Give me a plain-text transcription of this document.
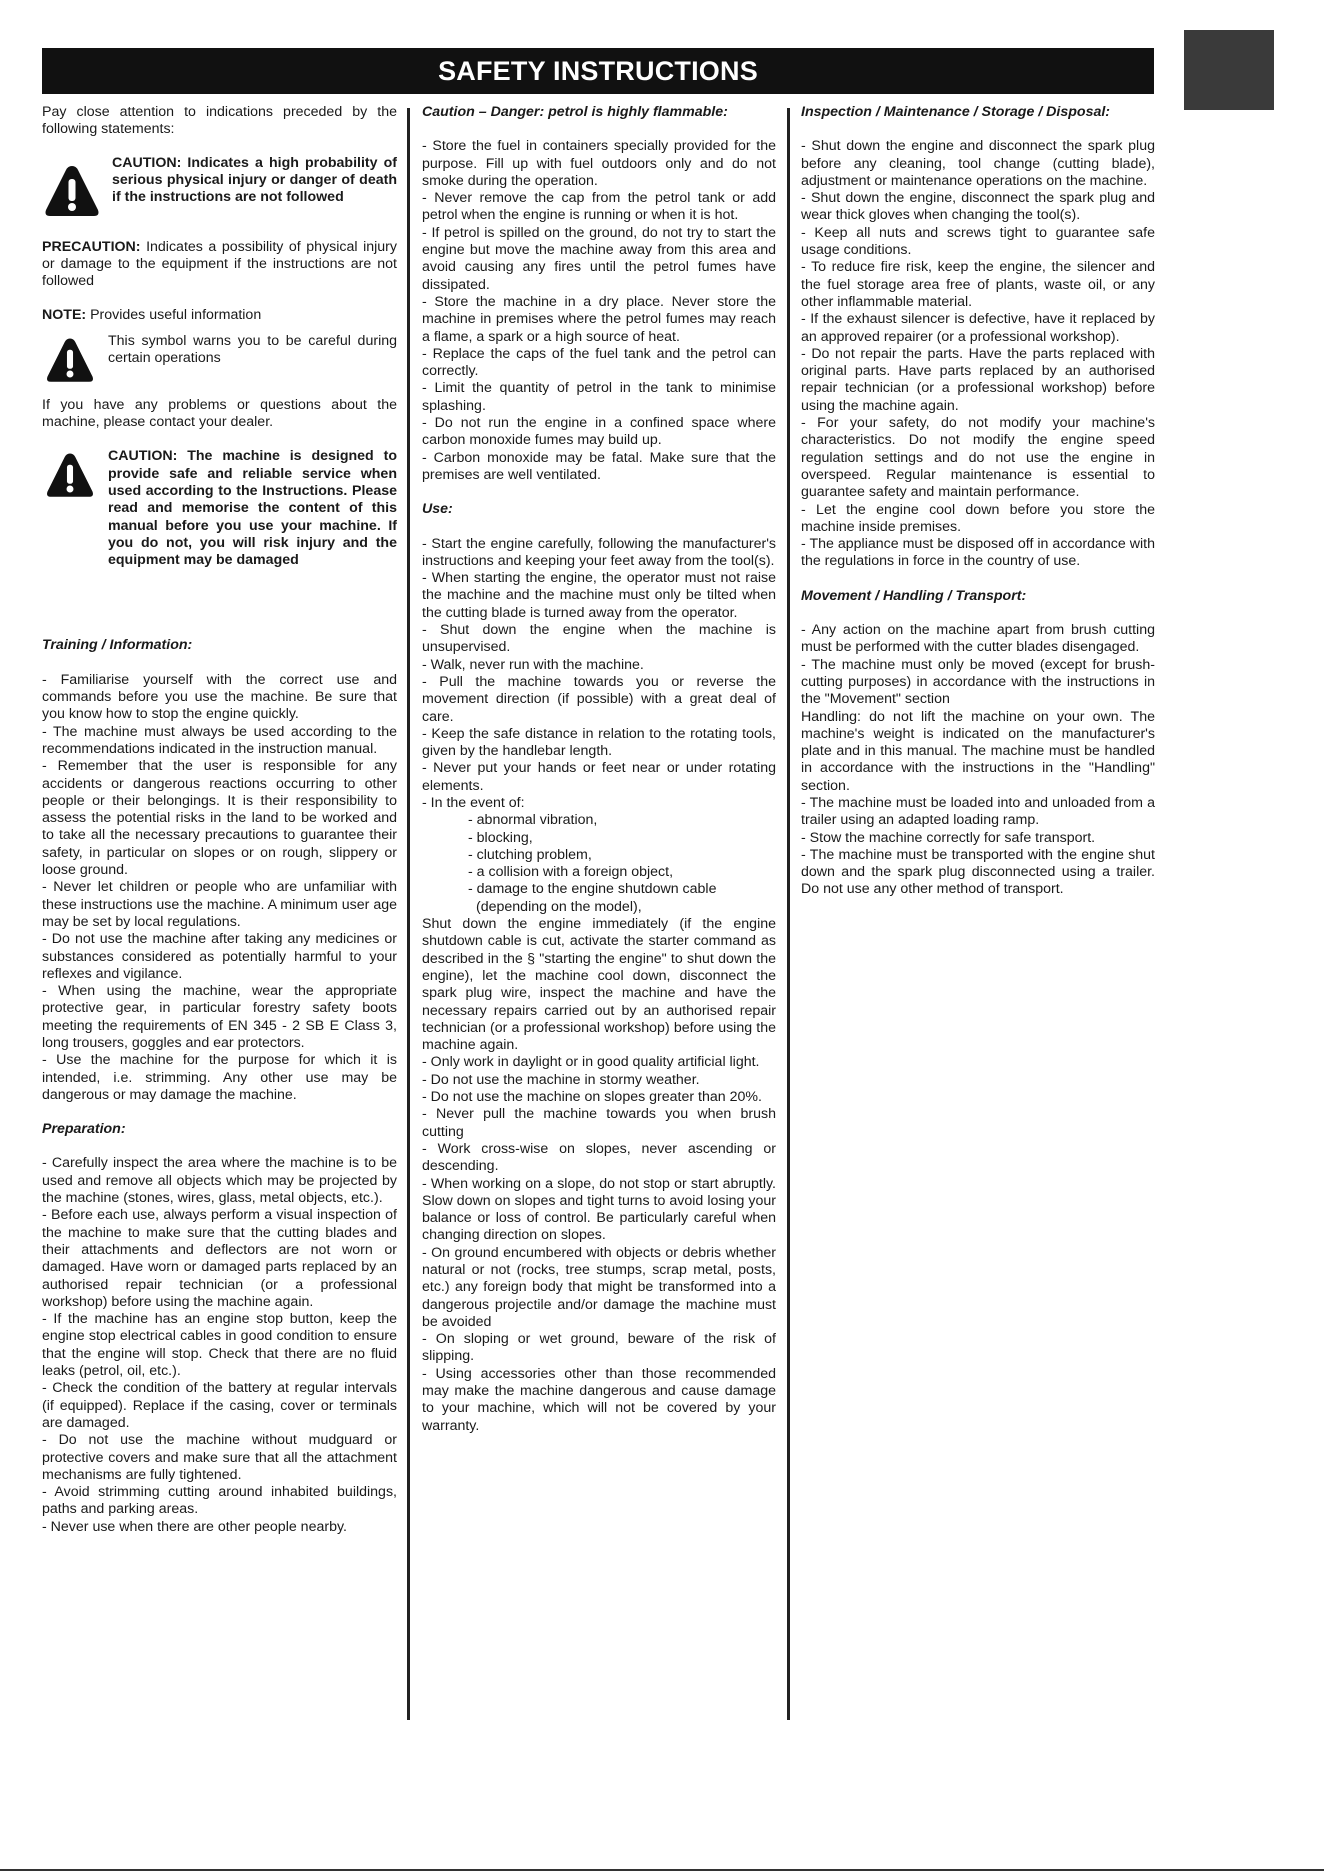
SAFETY INSTRUCTIONS

Pay close attention to indications preceded by the following statements:

CAUTION: Indicates a high probability of serious physical injury or danger of death if the instructions are not followed

PRECAUTION: Indicates a possibility of physical injury or damage to the equipment if the instructions are not followed

NOTE: Provides useful information

This symbol warns you to be careful during certain operations

If you have any problems or questions about the machine, please contact your dealer.

CAUTION: The machine is designed to provide safe and reliable service when used according to the Instructions. Please read and memorise the content of this manual before you use your machine. If you do not, you will risk injury and the equipment may be damaged

Training / Information:

- Familiarise yourself with the correct use and commands before you use the machine. Be sure that you know how to stop the engine quickly.

- The machine must always be used according to the recommendations indicated in the instruction manual.

- Remember that the user is responsible for any accidents or dangerous reactions occurring to other people or their belongings. It is their responsibility to assess the potential risks in the land to be worked and to take all the necessary precautions to guarantee their safety, in particular on slopes or on rough, slippery or loose ground.

- Never let children or people who are unfamiliar with these instructions use the machine. A minimum user age may be set by local regulations.

- Do not use the machine after taking any medicines or substances considered as potentially harmful to your reflexes and vigilance.

- When using the machine, wear the appropriate protective gear, in particular forestry safety boots meeting the requirements of EN 345 - 2 SB E Class 3, long trousers, goggles and ear protectors.

- Use the machine for the purpose for which it is intended, i.e. strimming. Any other use may be dangerous or may damage the machine.

Preparation:

- Carefully inspect the area where the machine is to be used and remove all objects which may be projected by the machine (stones, wires, glass, metal objects, etc.).

- Before each use, always perform a visual inspection of the machine to make sure that the cutting blades and their attachments and deflectors are not worn or damaged. Have worn or damaged parts replaced by an authorised repair technician (or a professional workshop) before using the machine again.

- If the machine has an engine stop button, keep the engine stop electrical cables in good condition to ensure that the engine will stop. Check that there are no fluid leaks (petrol, oil, etc.).

- Check the condition of the battery at regular intervals (if equipped). Replace if the casing, cover or terminals are damaged.

- Do not use the machine without mudguard or protective covers and make sure that all the attachment mechanisms are fully tightened.

- Avoid strimming cutting around inhabited buildings, paths and parking areas.

- Never use when there are other people nearby.

Caution – Danger: petrol is highly flammable:

- Store the fuel in containers specially provided for the purpose. Fill up with fuel outdoors only and do not smoke during the operation.

- Never remove the cap from the petrol tank or add petrol when the engine is running or when it is hot.

- If petrol is spilled on the ground, do not try to start the engine but move the machine away from this area and avoid causing any fires until the petrol fumes have dissipated.

- Store the machine in a dry place. Never store the machine in premises where the petrol fumes may reach a flame, a spark or a high source of heat.

- Replace the caps of the fuel tank and the petrol can correctly.

- Limit the quantity of petrol in the tank to minimise splashing.

- Do not run the engine in a confined space where carbon monoxide fumes may build up.

- Carbon monoxide may be fatal. Make sure that the premises are well ventilated.

Use:

- Start the engine carefully, following the manufacturer's instructions and keeping your feet away from the tool(s).

- When starting the engine, the operator must not raise the machine and the machine must only be tilted when the cutting blade is turned away from the operator.

- Shut down the engine when the machine is unsupervised.

- Walk, never run with the machine.

- Pull the machine towards you or reverse the movement direction (if possible) with a great deal of care.

- Keep the safe distance in relation to the rotating tools, given by the handlebar length.

- Never put your hands or feet near or under rotating elements.

- In the event of:

- abnormal vibration,

- blocking,

- clutching problem,

- a collision with a foreign object,

- damage to the engine shutdown cable

(depending on the model),

Shut down the engine immediately (if the engine shutdown cable is cut, activate the starter command as described in the § "starting the engine" to shut down the engine), let the machine cool down, disconnect the spark plug wire, inspect the machine and have the necessary repairs carried out by an authorised repair technician (or a professional workshop) before using the machine again.

- Only work in daylight or in good quality artificial light.

- Do not use the machine in stormy weather.

- Do not use the machine on slopes greater than 20%.

- Never pull the machine towards you when brush cutting

- Work cross-wise on slopes, never ascending or descending.

- When working on a slope, do not stop or start abruptly. Slow down on slopes and tight turns to avoid losing your balance or loss of control. Be particularly careful when changing direction on slopes.

- On ground encumbered with objects or debris whether natural or not (rocks, tree stumps, scrap metal, posts, etc.) any foreign body that might be transformed into a dangerous projectile and/or damage the machine must be avoided

- On sloping or wet ground, beware of the risk of slipping.

- Using accessories other than those recommended may make the machine dangerous and cause damage to your machine, which will not be covered by your warranty.

Inspection / Maintenance / Storage / Disposal:

- Shut down the engine and disconnect the spark plug before any cleaning, tool change (cutting blade), adjustment or maintenance operations on the machine.

- Shut down the engine, disconnect the spark plug and wear thick gloves when changing the tool(s).

- Keep all nuts and screws tight to guarantee safe usage conditions.

- To reduce fire risk, keep the engine, the silencer and the fuel storage area free of plants, waste oil, or any other inflammable material.

- If the exhaust silencer is defective, have it replaced by an approved repairer (or a professional workshop).

- Do not repair the parts. Have the parts replaced with original parts. Have parts replaced by an authorised repair technician (or a professional workshop) before using the machine again.

- For your safety, do not modify your machine's characteristics. Do not modify the engine speed regulation settings and do not use the engine in overspeed. Regular maintenance is essential to guarantee safety and maintain performance.

- Let the engine cool down before you store the machine inside premises.

- The appliance must be disposed off in accordance with the regulations in force in the country of use.

Movement / Handling / Transport:

- Any action on the machine apart from brush cutting must be performed with the cutter blades disengaged.

- The machine must only be moved (except for brush-cutting purposes) in accordance with the instructions in the "Movement" section

Handling: do not lift the machine on your own. The machine's weight is indicated on the manufacturer's plate and in this manual. The machine must be handled in accordance with the instructions in the "Handling" section.

- The machine must be loaded into and unloaded from a trailer using an adapted loading ramp.

- Stow the machine correctly for safe transport.

- The machine must be transported with the engine shut down and the spark plug disconnected using a trailer. Do not use any other method of transport.
